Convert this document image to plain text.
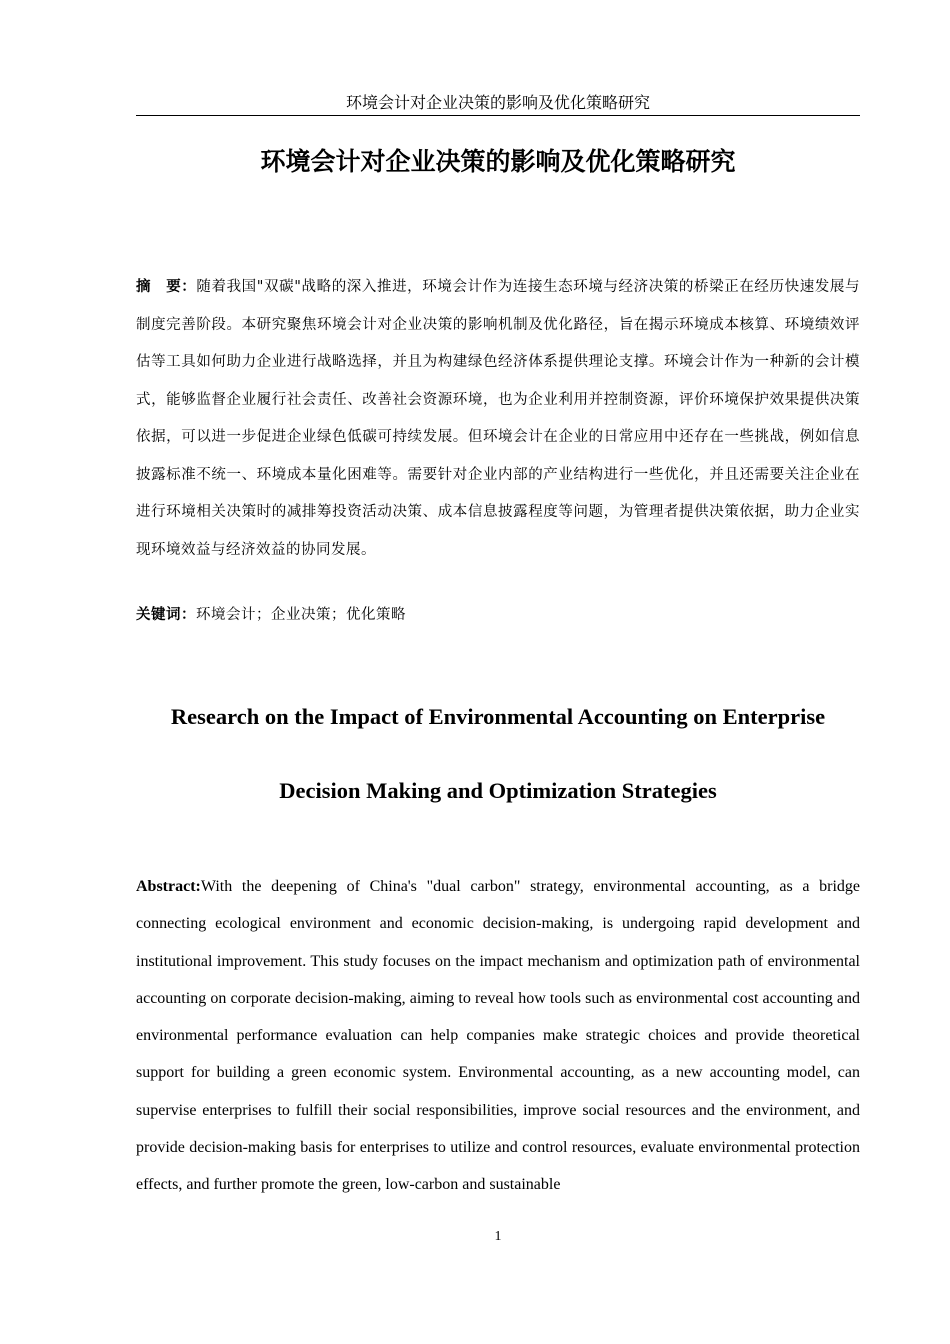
环境会计对企业决策的影响及优化策略研究
环境会计对企业决策的影响及优化策略研究
摘　要：随着我国"双碳"战略的深入推进，环境会计作为连接生态环境与经济决策的桥梁正在经历快速发展与制度完善阶段。本研究聚焦环境会计对企业决策的影响机制及优化路径，旨在揭示环境成本核算、环境绩效评估等工具如何助力企业进行战略选择，并且为构建绿色经济体系提供理论支撑。环境会计作为一种新的会计模式，能够监督企业履行社会责任、改善社会资源环境，也为企业利用并控制资源，评价环境保护效果提供决策依据，可以进一步促进企业绿色低碳可持续发展。但环境会计在企业的日常应用中还存在一些挑战，例如信息披露标准不统一、环境成本量化困难等。需要针对企业内部的产业结构进行一些优化，并且还需要关注企业在进行环境相关决策时的减排筹投资活动决策、成本信息披露程度等问题，为管理者提供决策依据，助力企业实现环境效益与经济效益的协同发展。
关键词：环境会计；企业决策；优化策略
Research on the Impact of Environmental Accounting on Enterprise Decision Making and Optimization Strategies
Abstract:With the deepening of China's "dual carbon" strategy, environmental accounting, as a bridge connecting ecological environment and economic decision-making, is undergoing rapid development and institutional improvement. This study focuses on the impact mechanism and optimization path of environmental accounting on corporate decision-making, aiming to reveal how tools such as environmental cost accounting and environmental performance evaluation can help companies make strategic choices and provide theoretical support for building a green economic system. Environmental accounting, as a new accounting model, can supervise enterprises to fulfill their social responsibilities, improve social resources and the environment, and provide decision-making basis for enterprises to utilize and control resources, evaluate environmental protection effects, and further promote the green, low-carbon and sustainable
1
